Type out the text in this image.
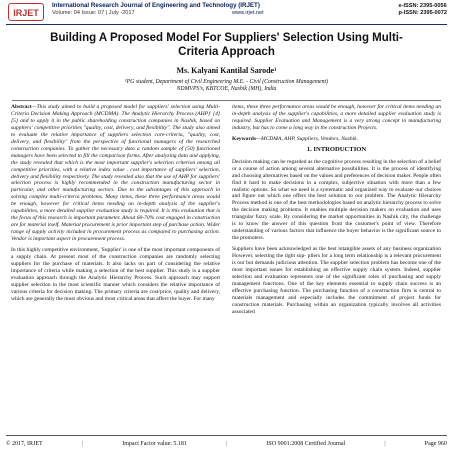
IRJET
International Research Journal of Engineering and Technology (IRJET)
Volume: 04 Issue: 07 | July -2017	www.irjet.net
e-ISSN: 2395-0056
p-ISSN: 2395-0072
Building A Proposed Model For Suppliers' Selection Using Multi-
Criteria Approach

Ms. Kalyani Kantilal Sarode¹

¹PG student, Department of Civil Engineering M.E. - Civil (Construction Management)
NDMVPS's, KBTCOE, Nashik (MH), India

Abstract—This study aimed to build a proposed model for suppliers' selection using Multi-Criteria Decision Making Approach (MCDMA). The Analytic Hierarchy Process (AHP)' [4] [5] and to apply it in the public shareholding construction companies in Nashik, based on suppliers' competitive priorities "quality, cost, delivery, and flexibility". The study also aimed to evaluate the relative importance of suppliers selection core-criteria, "quality, cost, delivery, and flexibility" from the perspective of functional managers of the researched construction companies. To gather the necessary data a random sample of (50) functioned managers have been selected to fill the comparison forms. After analyzing data and applying, the study revealed that which is the most important supplier's selection criterion among all competitive priorities, with a relative index value . cost importance of suppliers' selection, delivery and flexibility respectively. The study revealed also that the use of AHP for suppliers' selection process is highly recommended in the construction manufacturing sector in particular, and other manufacturing sectors. Due to the advantages of this approach in solving complex multi-criteria problems. Many items, these three performance areas would be enough, however for critical items needing an in-depth analysis of the supplier's capabilities, a more detailed supplier evaluation study is required. It is this evaluation that is the focus of this research is important parameter. About 60-70% cost engaged in construction are for material itself. Material procurement is prior important step of purchase action. Wider range of supply activity included in procurement process as compared to purchasing action. Vendor is important aspect in procurement process.

In this highly competitive environment, 'Supplier' is one of the most important components of a supply chain. At present most of the construction companies are randomly selecting suppliers for the purchase of materials. It also lacks on part of considering the relative importance of criteria while making a selection of the best supplier. This study is a supplier evaluation approach through the Analytic Hierarchy Process. Such approach may support supplier selection in the most scientific manner which considers the relative importance of various criteria for decision making. The primary criteria are cost/price, quality and delivery, which are generally the most obvious and most critical areas that affect the buyer. For many

items, these three performance areas would be enough, however for critical items needing an in-depth analysis of the supplier's capabilities, a more detailed supplier evaluation study is required. Supplier Evaluation and Management is a very strong concept in manufacturing industry, but has to come a long way in the construction Projects.

Keywords—MCDMA, AHP, Suppliers, Vendors, Nashik.

1. INTRODUCTION

Decision making can be regarded as the cognitive process resulting in the selection of a belief or a course of action among several alternative possibilities. It is the process of identifying and choosing alternatives based on the values and preferences of decision maker. People often find it hard to make decisions in a complex, subjective situation with more than a few realistic options. So what we need is a systematic and organized way to evaluate our choices and figure out which one offers the best solution to our problem. The Analytic Hierarchy Process method is one of the best methodologies based on analytic hierarchy process to solve the decision making problems. It enables multiple decision makers on evaluation and uses triangular fuzzy scale. By considering the market opportunities in Nashik city, the challenge is to know the answer of this question from the customer's point of view. Therefore understanding of various factors that influence the buyer behavior is the significant source to the promoters.

Suppliers have been acknowledged as the best intangible assets of any business organization However, selecting the right sup- pliers for a long term relationship is a relevant procurement is our but demands judicious attention. The supplier selection problem has become one of the most important issues for establishing an effective supply chain system. Indeed, supplier selection and evaluation represents one of the significant roles of purchasing and supply management functions. One of the key elements essential to supply chain success is an effective purchasing function. The purchasing function of a construction firm is central to materials management and especially includes the commitment of project funds for construction materials. Purchasing within an organization typically involves all activities associated

© 2017, IRJET	|	Impact Factor value: 5.181	|	ISO 9001:2008 Certified Journal	|	Page 960
